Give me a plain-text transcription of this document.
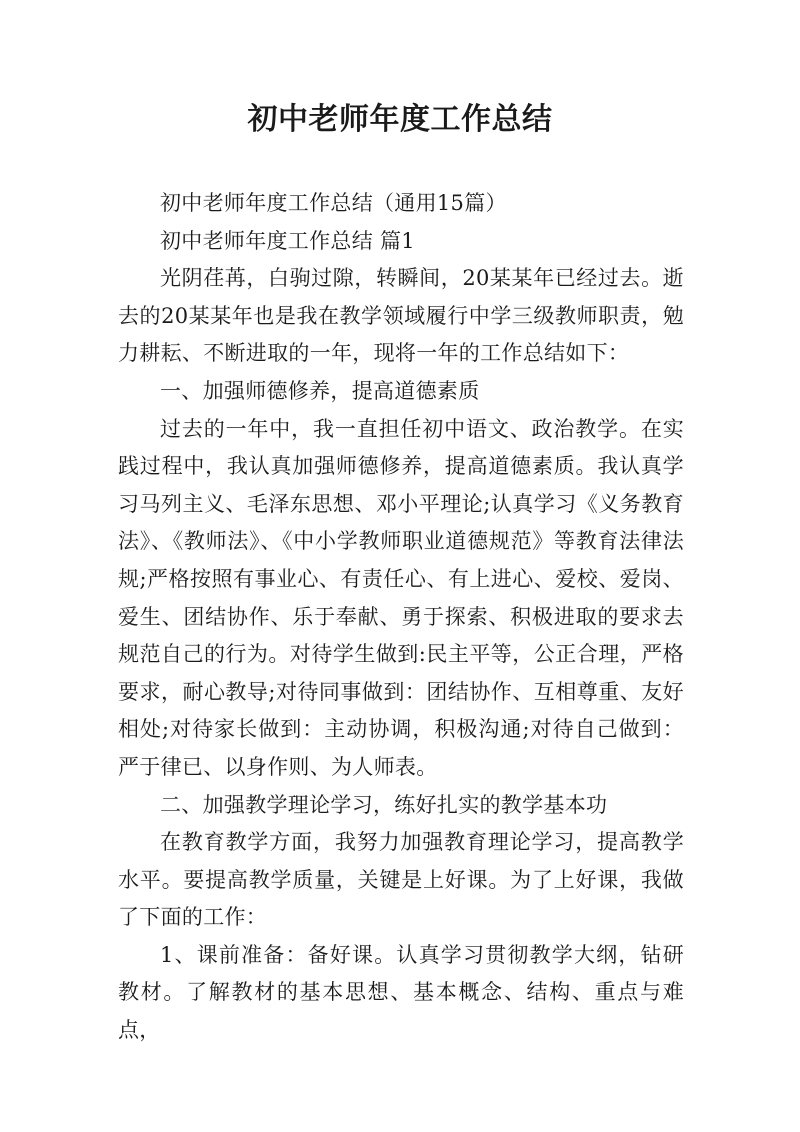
初中老师年度工作总结

初中老师年度工作总结（通用15篇）

初中老师年度工作总结 篇1

光阴荏苒，白驹过隙，转瞬间，20某某年已经过去。逝去的20某某年也是我在教学领域履行中学三级教师职责，勉力耕耘、不断进取的一年，现将一年的工作总结如下：

一、加强师德修养，提高道德素质

过去的一年中，我一直担任初中语文、政治教学。在实践过程中，我认真加强师德修养，提高道德素质。我认真学习马列主义、毛泽东思想、邓小平理论;认真学习《义务教育法》、《教师法》、《中小学教师职业道德规范》等教育法律法规;严格按照有事业心、有责任心、有上进心、爱校、爱岗、爱生、团结协作、乐于奉献、勇于探索、积极进取的要求去规范自己的行为。对待学生做到:民主平等，公正合理，严格要求，耐心教导;对待同事做到：团结协作、互相尊重、友好相处;对待家长做到：主动协调，积极沟通;对待自己做到：严于律已、以身作则、为人师表。

二、加强教学理论学习，练好扎实的教学基本功

在教育教学方面，我努力加强教育理论学习，提高教学水平。要提高教学质量，关键是上好课。为了上好课，我做了下面的工作：

1、课前准备：备好课。认真学习贯彻教学大纲，钻研教材。了解教材的基本思想、基本概念、结构、重点与难点，
